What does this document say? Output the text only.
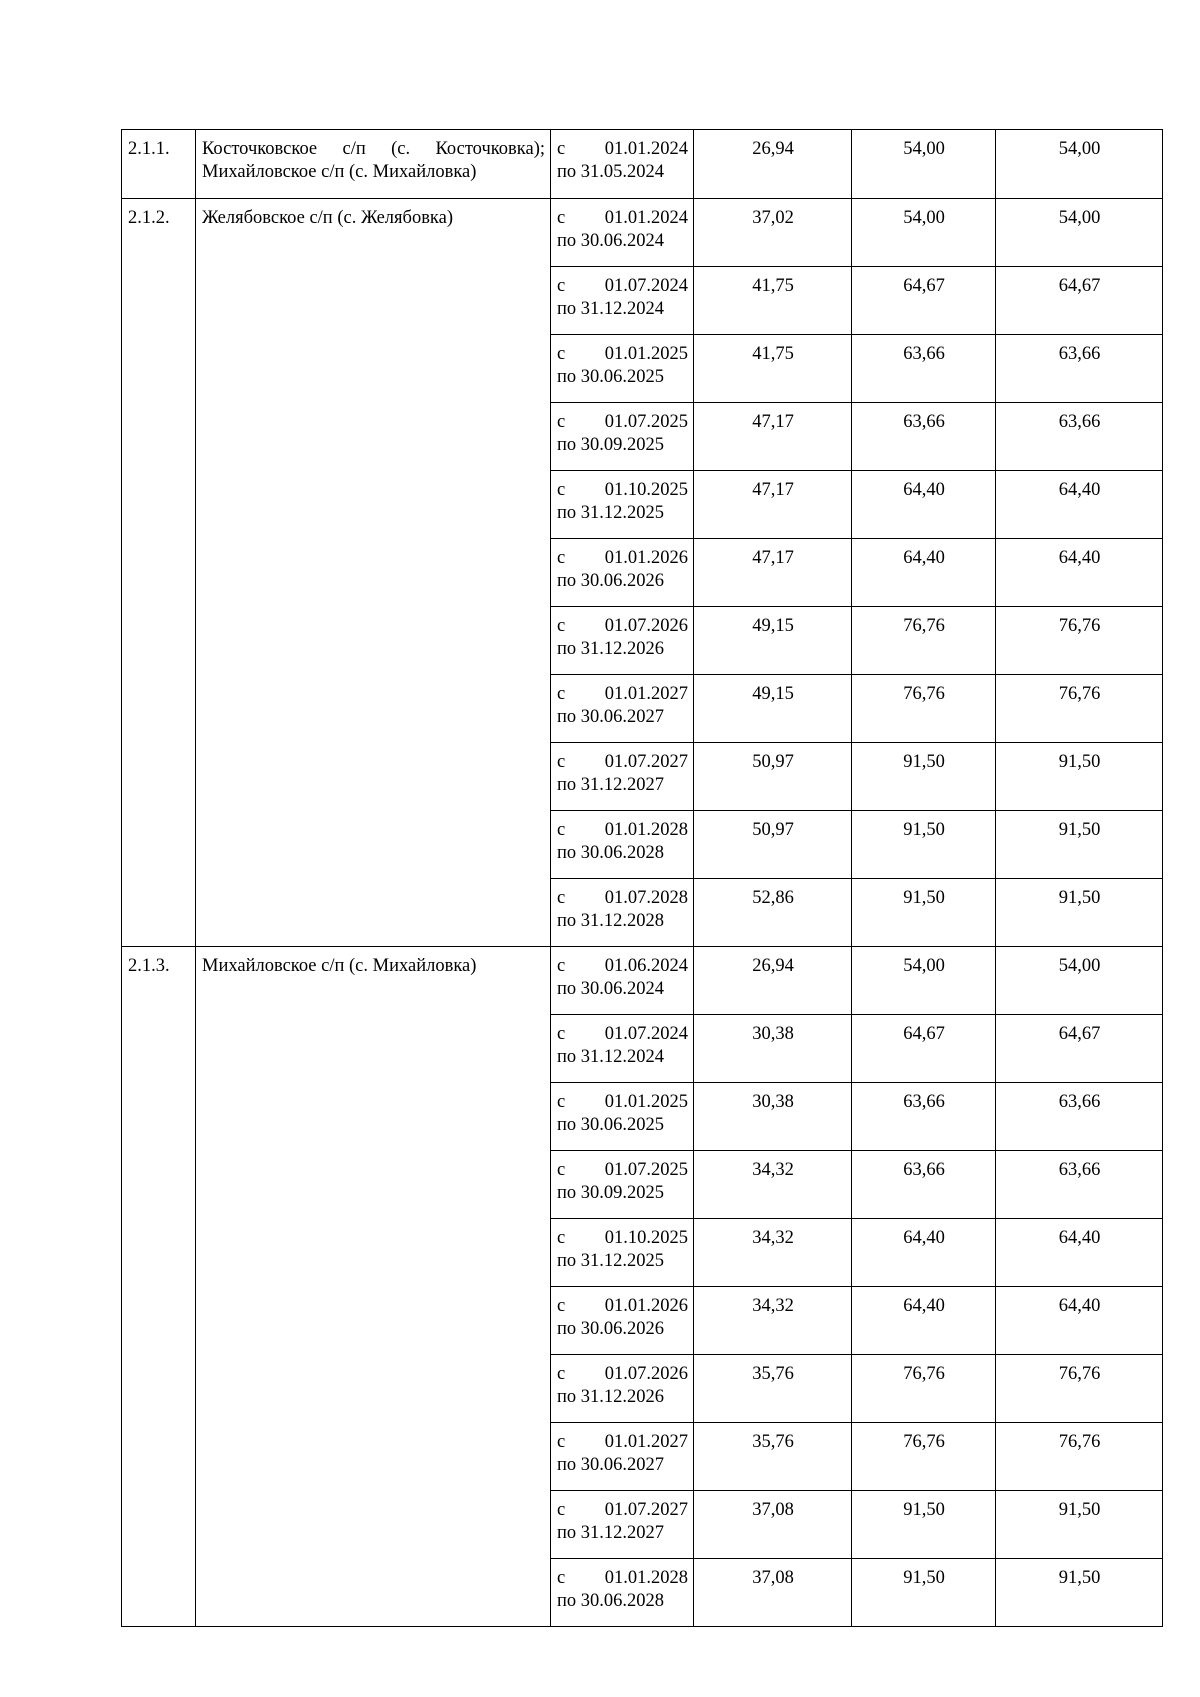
2.1.1.	Косточковское с/п (с. Косточковка); Михайловское с/п (с. Михайловка)	с 01.01.2024
по 31.05.2024	26,94	54,00	54,00
2.1.2.	Желябовское с/п (с. Желябовка)	с 01.01.2024
по 30.06.2024	37,02	54,00	54,00

		с 01.07.2024
по 31.12.2024	41,75	64,67	64,67

		с 01.01.2025
по 30.06.2025	41,75	63,66	63,66

		с 01.07.2025
по 30.09.2025	47,17	63,66	63,66

		с 01.10.2025
по 31.12.2025	47,17	64,40	64,40

		с 01.01.2026
по 30.06.2026	47,17	64,40	64,40

		с 01.07.2026
по 31.12.2026	49,15	76,76	76,76

		с 01.01.2027
по 30.06.2027	49,15	76,76	76,76

		с 01.07.2027
по 31.12.2027	50,97	91,50	91,50

		с 01.01.2028
по 30.06.2028	50,97	91,50	91,50

		с 01.07.2028
по 31.12.2028	52,86	91,50	91,50
2.1.3.	Михайловское с/п (с. Михайловка)	с 01.06.2024
по 30.06.2024	26,94	54,00	54,00

		с 01.07.2024
по 31.12.2024	30,38	64,67	64,67

		с 01.01.2025
по 30.06.2025	30,38	63,66	63,66

		с 01.07.2025
по 30.09.2025	34,32	63,66	63,66

		с 01.10.2025
по 31.12.2025	34,32	64,40	64,40

		с 01.01.2026
по 30.06.2026	34,32	64,40	64,40

		с 01.07.2026
по 31.12.2026	35,76	76,76	76,76

		с 01.01.2027
по 30.06.2027	35,76	76,76	76,76

		с 01.07.2027
по 31.12.2027	37,08	91,50	91,50

		с 01.01.2028
по 30.06.2028	37,08	91,50	91,50
